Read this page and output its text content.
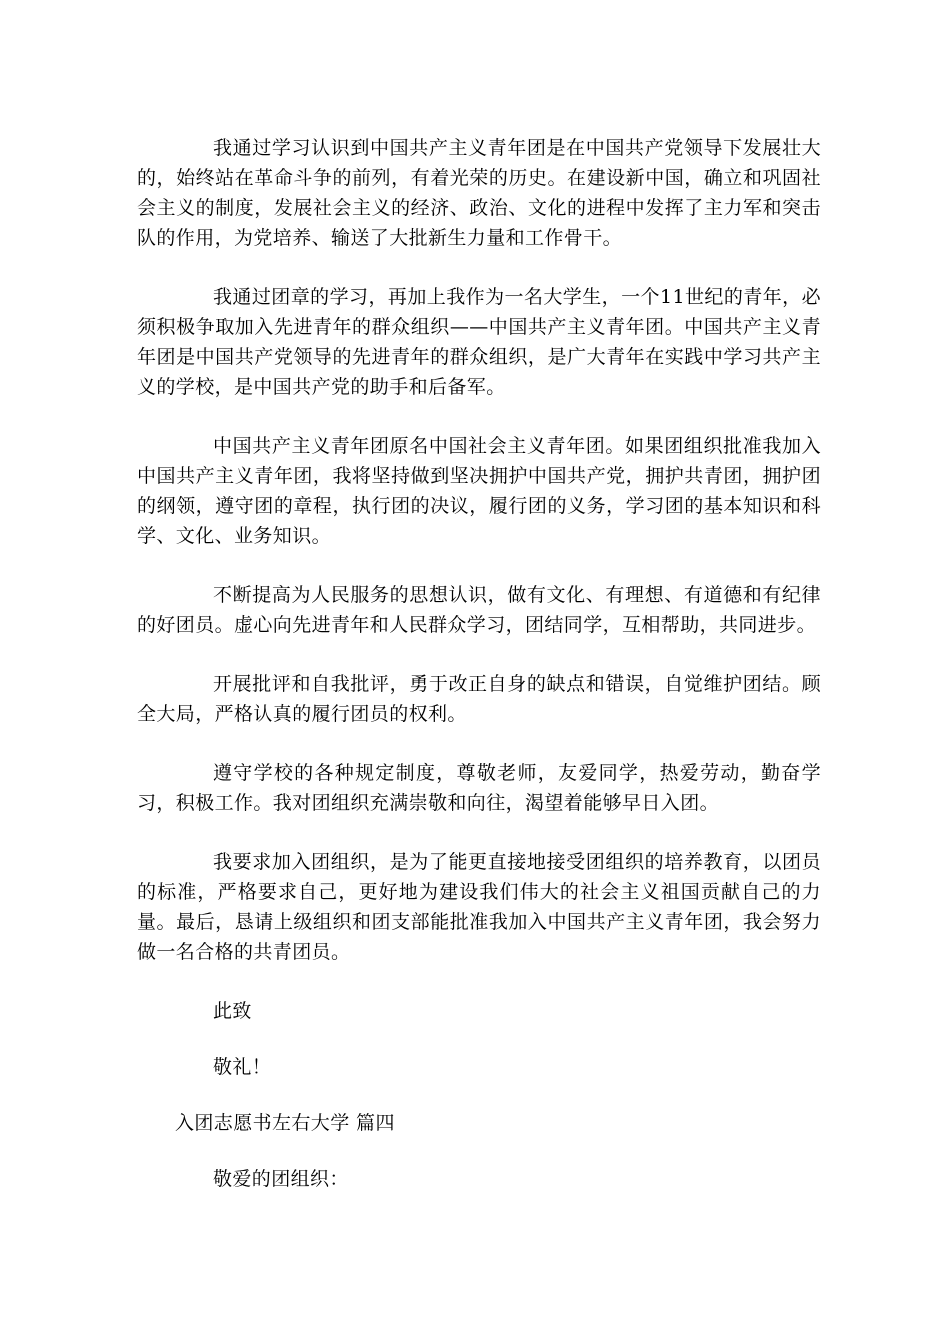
我通过学习认识到中国共产主义青年团是在中国共产党领导下发展壮大的，始终站在革命斗争的前列，有着光荣的历史。在建设新中国，确立和巩固社会主义的制度，发展社会主义的经济、政治、文化的进程中发挥了主力军和突击队的作用，为党培养、输送了大批新生力量和工作骨干。

我通过团章的学习，再加上我作为一名大学生，一个11世纪的青年，必须积极争取加入先进青年的群众组织——中国共产主义青年团。中国共产主义青年团是中国共产党领导的先进青年的群众组织，是广大青年在实践中学习共产主义的学校，是中国共产党的助手和后备军。

中国共产主义青年团原名中国社会主义青年团。如果团组织批准我加入中国共产主义青年团，我将坚持做到坚决拥护中国共产党，拥护共青团，拥护团的纲领，遵守团的章程，执行团的决议，履行团的义务，学习团的基本知识和科学、文化、业务知识。

不断提高为人民服务的思想认识，做有文化、有理想、有道德和有纪律的好团员。虚心向先进青年和人民群众学习，团结同学，互相帮助，共同进步。

开展批评和自我批评，勇于改正自身的缺点和错误，自觉维护团结。顾全大局，严格认真的履行团员的权利。

遵守学校的各种规定制度，尊敬老师，友爱同学，热爱劳动，勤奋学习，积极工作。我对团组织充满崇敬和向往，渴望着能够早日入团。

我要求加入团组织，是为了能更直接地接受团组织的培养教育，以团员的标准，严格要求自己，更好地为建设我们伟大的社会主义祖国贡献自己的力量。最后，恳请上级组织和团支部能批准我加入中国共产主义青年团，我会努力做一名合格的共青团员。

此致

敬礼！

入团志愿书左右大学 篇四

敬爱的团组织：
